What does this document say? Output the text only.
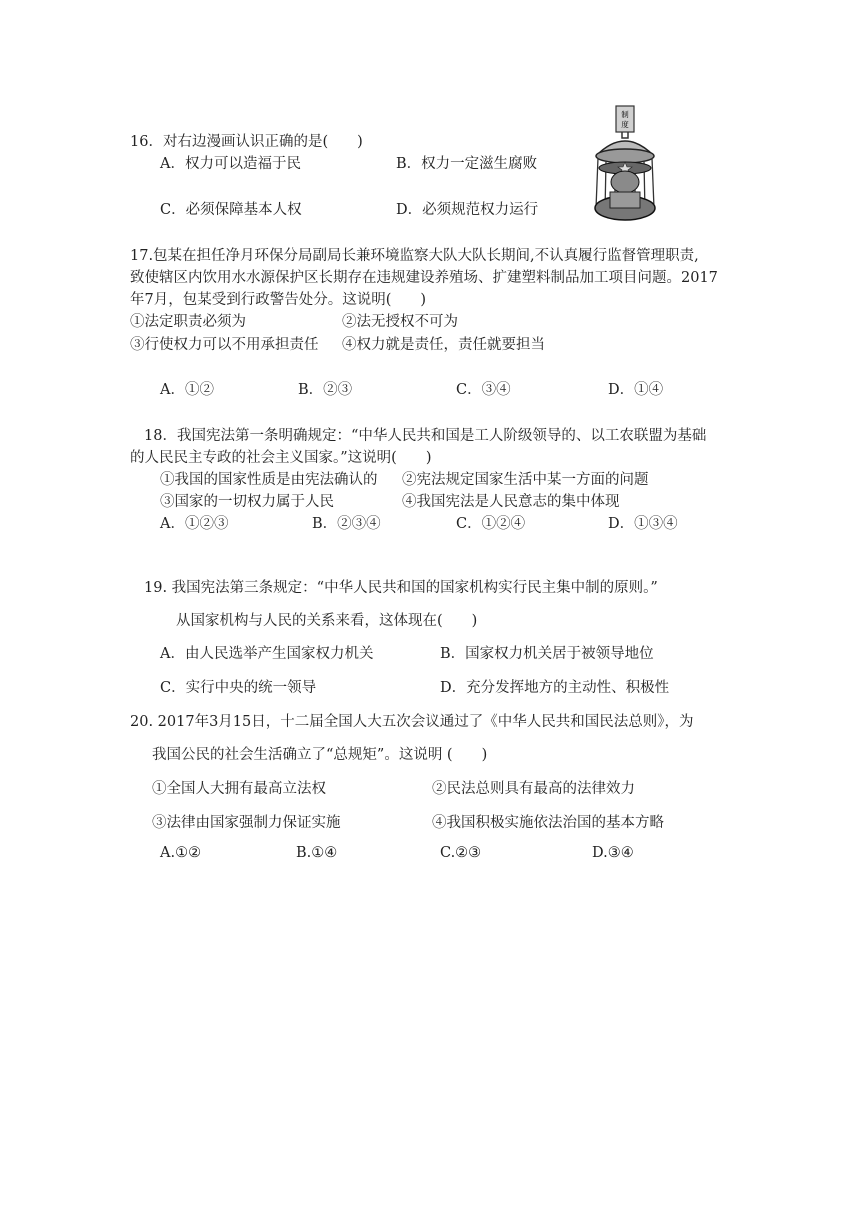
16．对右边漫画认识正确的是(　　)
A．权力可以造福于民	B．权力一定滋生腐败
C．必须保障基本人权	D．必须规范权力运行
制
度
17.包某在担任净月环保分局副局长兼环境监察大队大队长期间,不认真履行监督管理职责,
致使辖区内饮用水水源保护区长期存在违规建设养殖场、扩建塑料制品加工项目问题。2017
年7月，包某受到行政警告处分。这说明(　　)
①法定职责必须为	②法无授权不可为
③行使权力可以不用承担责任 ④权力就是责任，责任就要担当
A．①②	B．②③	C．③④	D．①④
18．我国宪法第一条明确规定：“中华人民共和国是工人阶级领导的、以工农联盟为基础
的人民民主专政的社会主义国家。”这说明(　　)
①我国的国家性质是由宪法确认的 ②宪法规定国家生活中某一方面的问题
③国家的一切权力属于人民	④我国宪法是人民意志的集中体现
A．①②③	B．②③④	C．①②④	D．①③④
19. 我国宪法第三条规定：“中华人民共和国的国家机构实行民主集中制的原则。”
从国家机构与人民的关系来看，这体现在(　　)
A．由人民选举产生国家权力机关	B．国家权力机关居于被领导地位
C．实行中央的统一领导	D．充分发挥地方的主动性、积极性
20. 2017年3月15日，十二届全国人大五次会议通过了《中华人民共和国民法总则》，为
我国公民的社会生活确立了“总规矩”。这说明 (　　)
①全国人大拥有最高立法权	②民法总则具有最高的法律效力
③法律由国家强制力保证实施	④我国积极实施依法治国的基本方略
A.①②	B.①④	C.②③	D.③④
